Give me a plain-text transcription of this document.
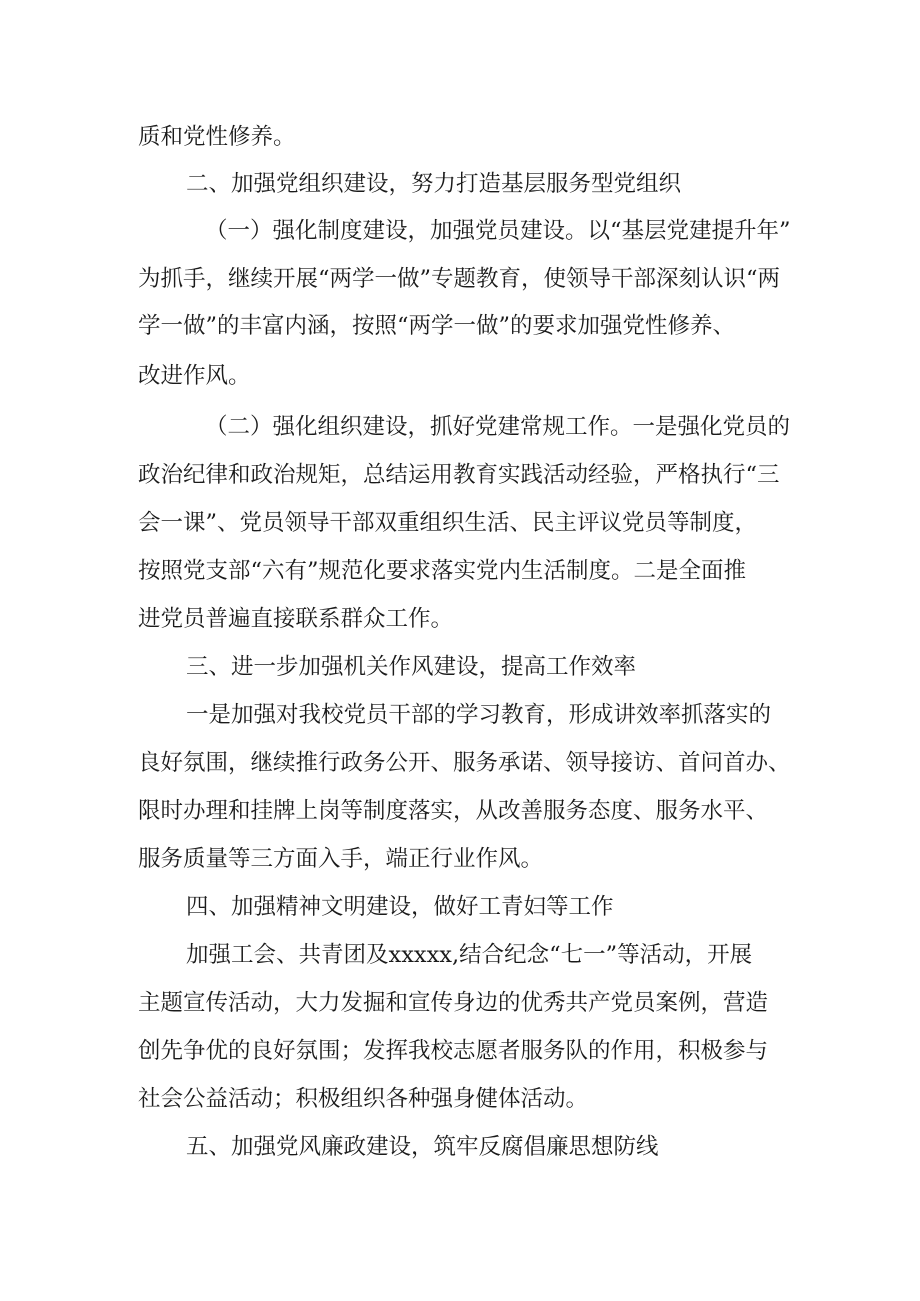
质和党性修养。
二、加强党组织建设，努力打造基层服务型党组织
（一）强化制度建设，加强党员建设。以“基层党建提升年”
为抓手，继续开展“两学一做”专题教育，使领导干部深刻认识“两
学一做”的丰富内涵，按照“两学一做”的要求加强党性修养、
改进作风。
（二）强化组织建设，抓好党建常规工作。一是强化党员的
政治纪律和政治规矩，总结运用教育实践活动经验，严格执行“三
会一课”、党员领导干部双重组织生活、民主评议党员等制度，
按照党支部“六有”规范化要求落实党内生活制度。二是全面推
进党员普遍直接联系群众工作。
三、进一步加强机关作风建设，提高工作效率
一是加强对我校党员干部的学习教育，形成讲效率抓落实的
良好氛围，继续推行政务公开、服务承诺、领导接访、首问首办、
限时办理和挂牌上岗等制度落实，从改善服务态度、服务水平、
服务质量等三方面入手，端正行业作风。
四、加强精神文明建设，做好工青妇等工作
加强工会、共青团及xxxxx,结合纪念“七一”等活动，开展
主题宣传活动，大力发掘和宣传身边的优秀共产党员案例，营造
创先争优的良好氛围；发挥我校志愿者服务队的作用，积极参与
社会公益活动；积极组织各种强身健体活动。
五、加强党风廉政建设，筑牢反腐倡廉思想防线
